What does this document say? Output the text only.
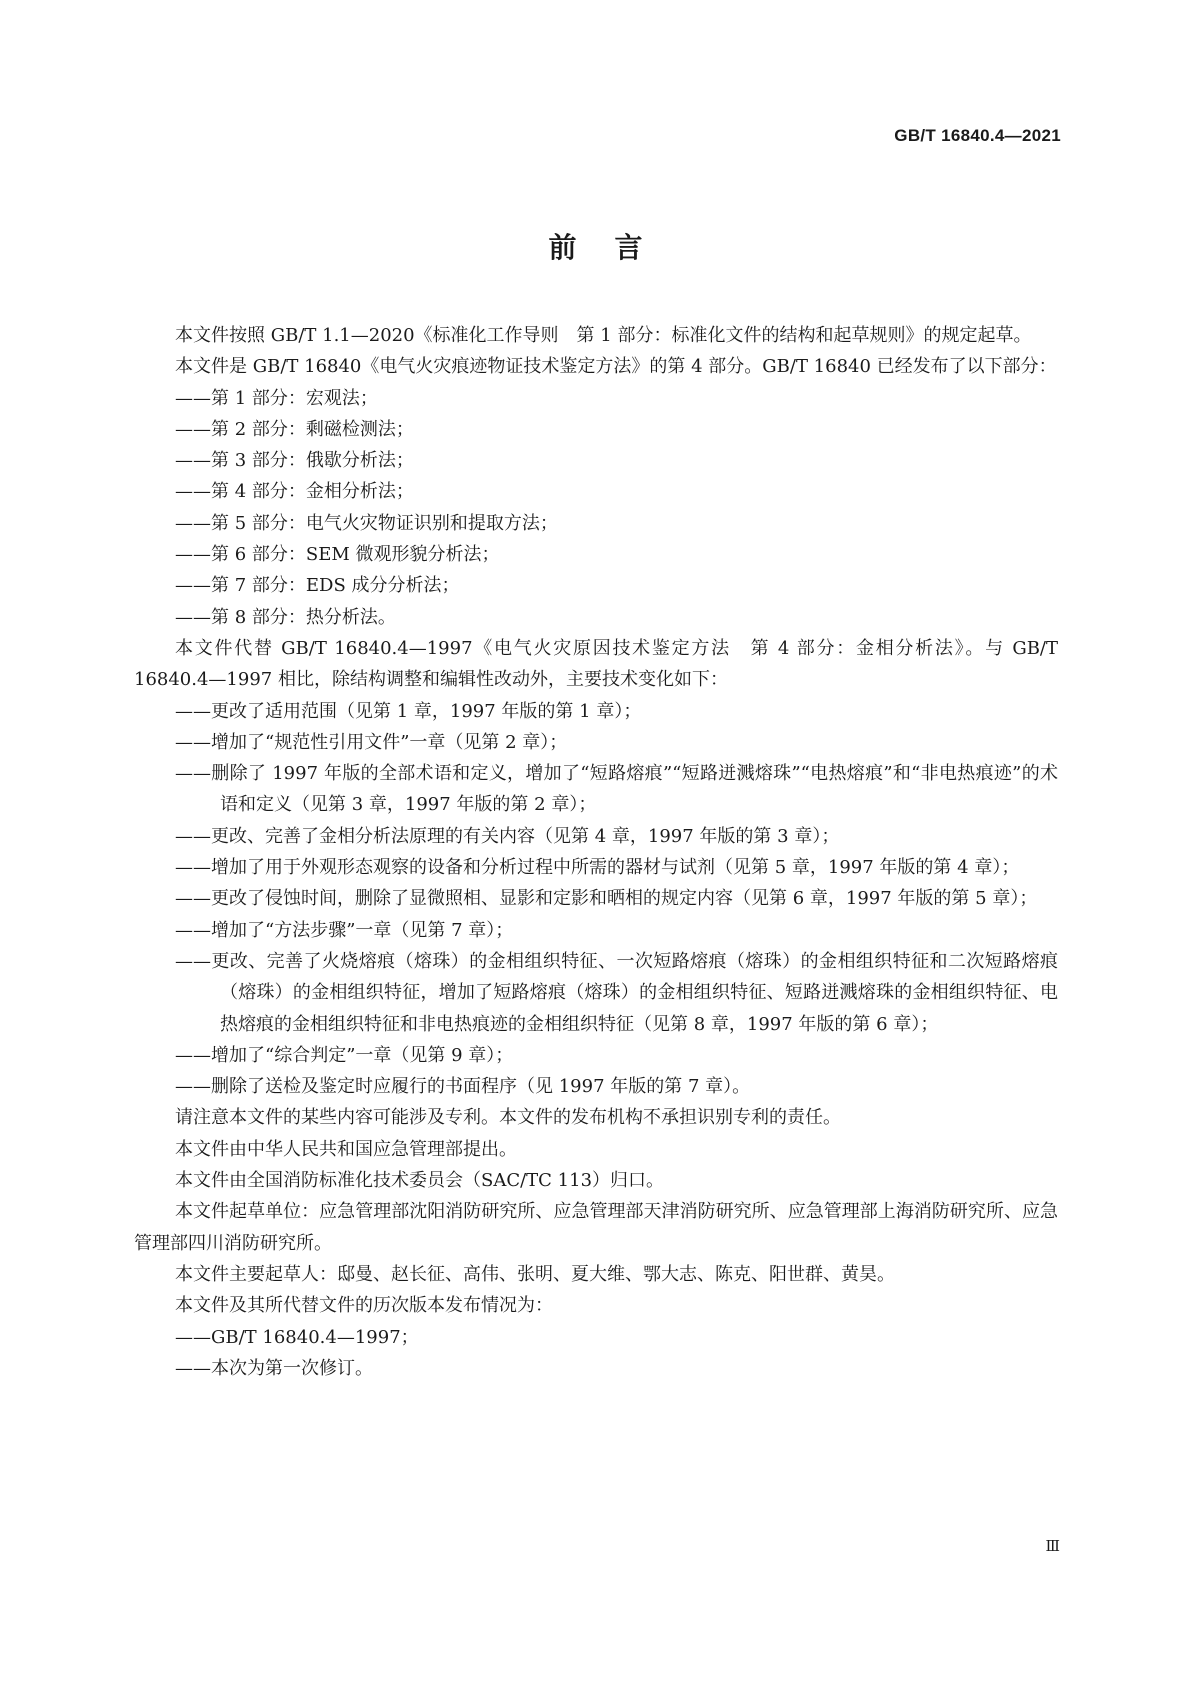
GB/T 16840.4—2021
前言

本文件按照 GB/T 1.1—2020《标准化工作导则　第 1 部分：标准化文件的结构和起草规则》的规定起草。

本文件是 GB/T 16840《电气火灾痕迹物证技术鉴定方法》的第 4 部分。GB/T 16840 已经发布了以下部分：

——第 1 部分：宏观法；

——第 2 部分：剩磁检测法；

——第 3 部分：俄歇分析法；

——第 4 部分：金相分析法；

——第 5 部分：电气火灾物证识别和提取方法；

——第 6 部分：SEM 微观形貌分析法；

——第 7 部分：EDS 成分分析法；

——第 8 部分：热分析法。

本文件代替 GB/T 16840.4—1997《电气火灾原因技术鉴定方法　第 4 部分：金相分析法》。与 GB/T 16840.4—1997 相比，除结构调整和编辑性改动外，主要技术变化如下：

——更改了适用范围（见第 1 章，1997 年版的第 1 章）；

——增加了“规范性引用文件”一章（见第 2 章）；

——删除了 1997 年版的全部术语和定义，增加了“短路熔痕”“短路迸溅熔珠”“电热熔痕”和“非电热痕迹”的术语和定义（见第 3 章，1997 年版的第 2 章）；

——更改、完善了金相分析法原理的有关内容（见第 4 章，1997 年版的第 3 章）；

——增加了用于外观形态观察的设备和分析过程中所需的器材与试剂（见第 5 章，1997 年版的第 4 章）；

——更改了侵蚀时间，删除了显微照相、显影和定影和晒相的规定内容（见第 6 章，1997 年版的第 5 章）；

——增加了“方法步骤”一章（见第 7 章）；

——更改、完善了火烧熔痕（熔珠）的金相组织特征、一次短路熔痕（熔珠）的金相组织特征和二次短路熔痕（熔珠）的金相组织特征，增加了短路熔痕（熔珠）的金相组织特征、短路迸溅熔珠的金相组织特征、电热熔痕的金相组织特征和非电热痕迹的金相组织特征（见第 8 章，1997 年版的第 6 章）；

——增加了“综合判定”一章（见第 9 章）；

——删除了送检及鉴定时应履行的书面程序（见 1997 年版的第 7 章）。

请注意本文件的某些内容可能涉及专利。本文件的发布机构不承担识别专利的责任。

本文件由中华人民共和国应急管理部提出。

本文件由全国消防标准化技术委员会（SAC/TC 113）归口。

本文件起草单位：应急管理部沈阳消防研究所、应急管理部天津消防研究所、应急管理部上海消防研究所、应急管理部四川消防研究所。

本文件主要起草人：邸曼、赵长征、高伟、张明、夏大维、鄂大志、陈克、阳世群、黄昊。

本文件及其所代替文件的历次版本发布情况为：

——GB/T 16840.4—1997；

——本次为第一次修订。

Ⅲ
